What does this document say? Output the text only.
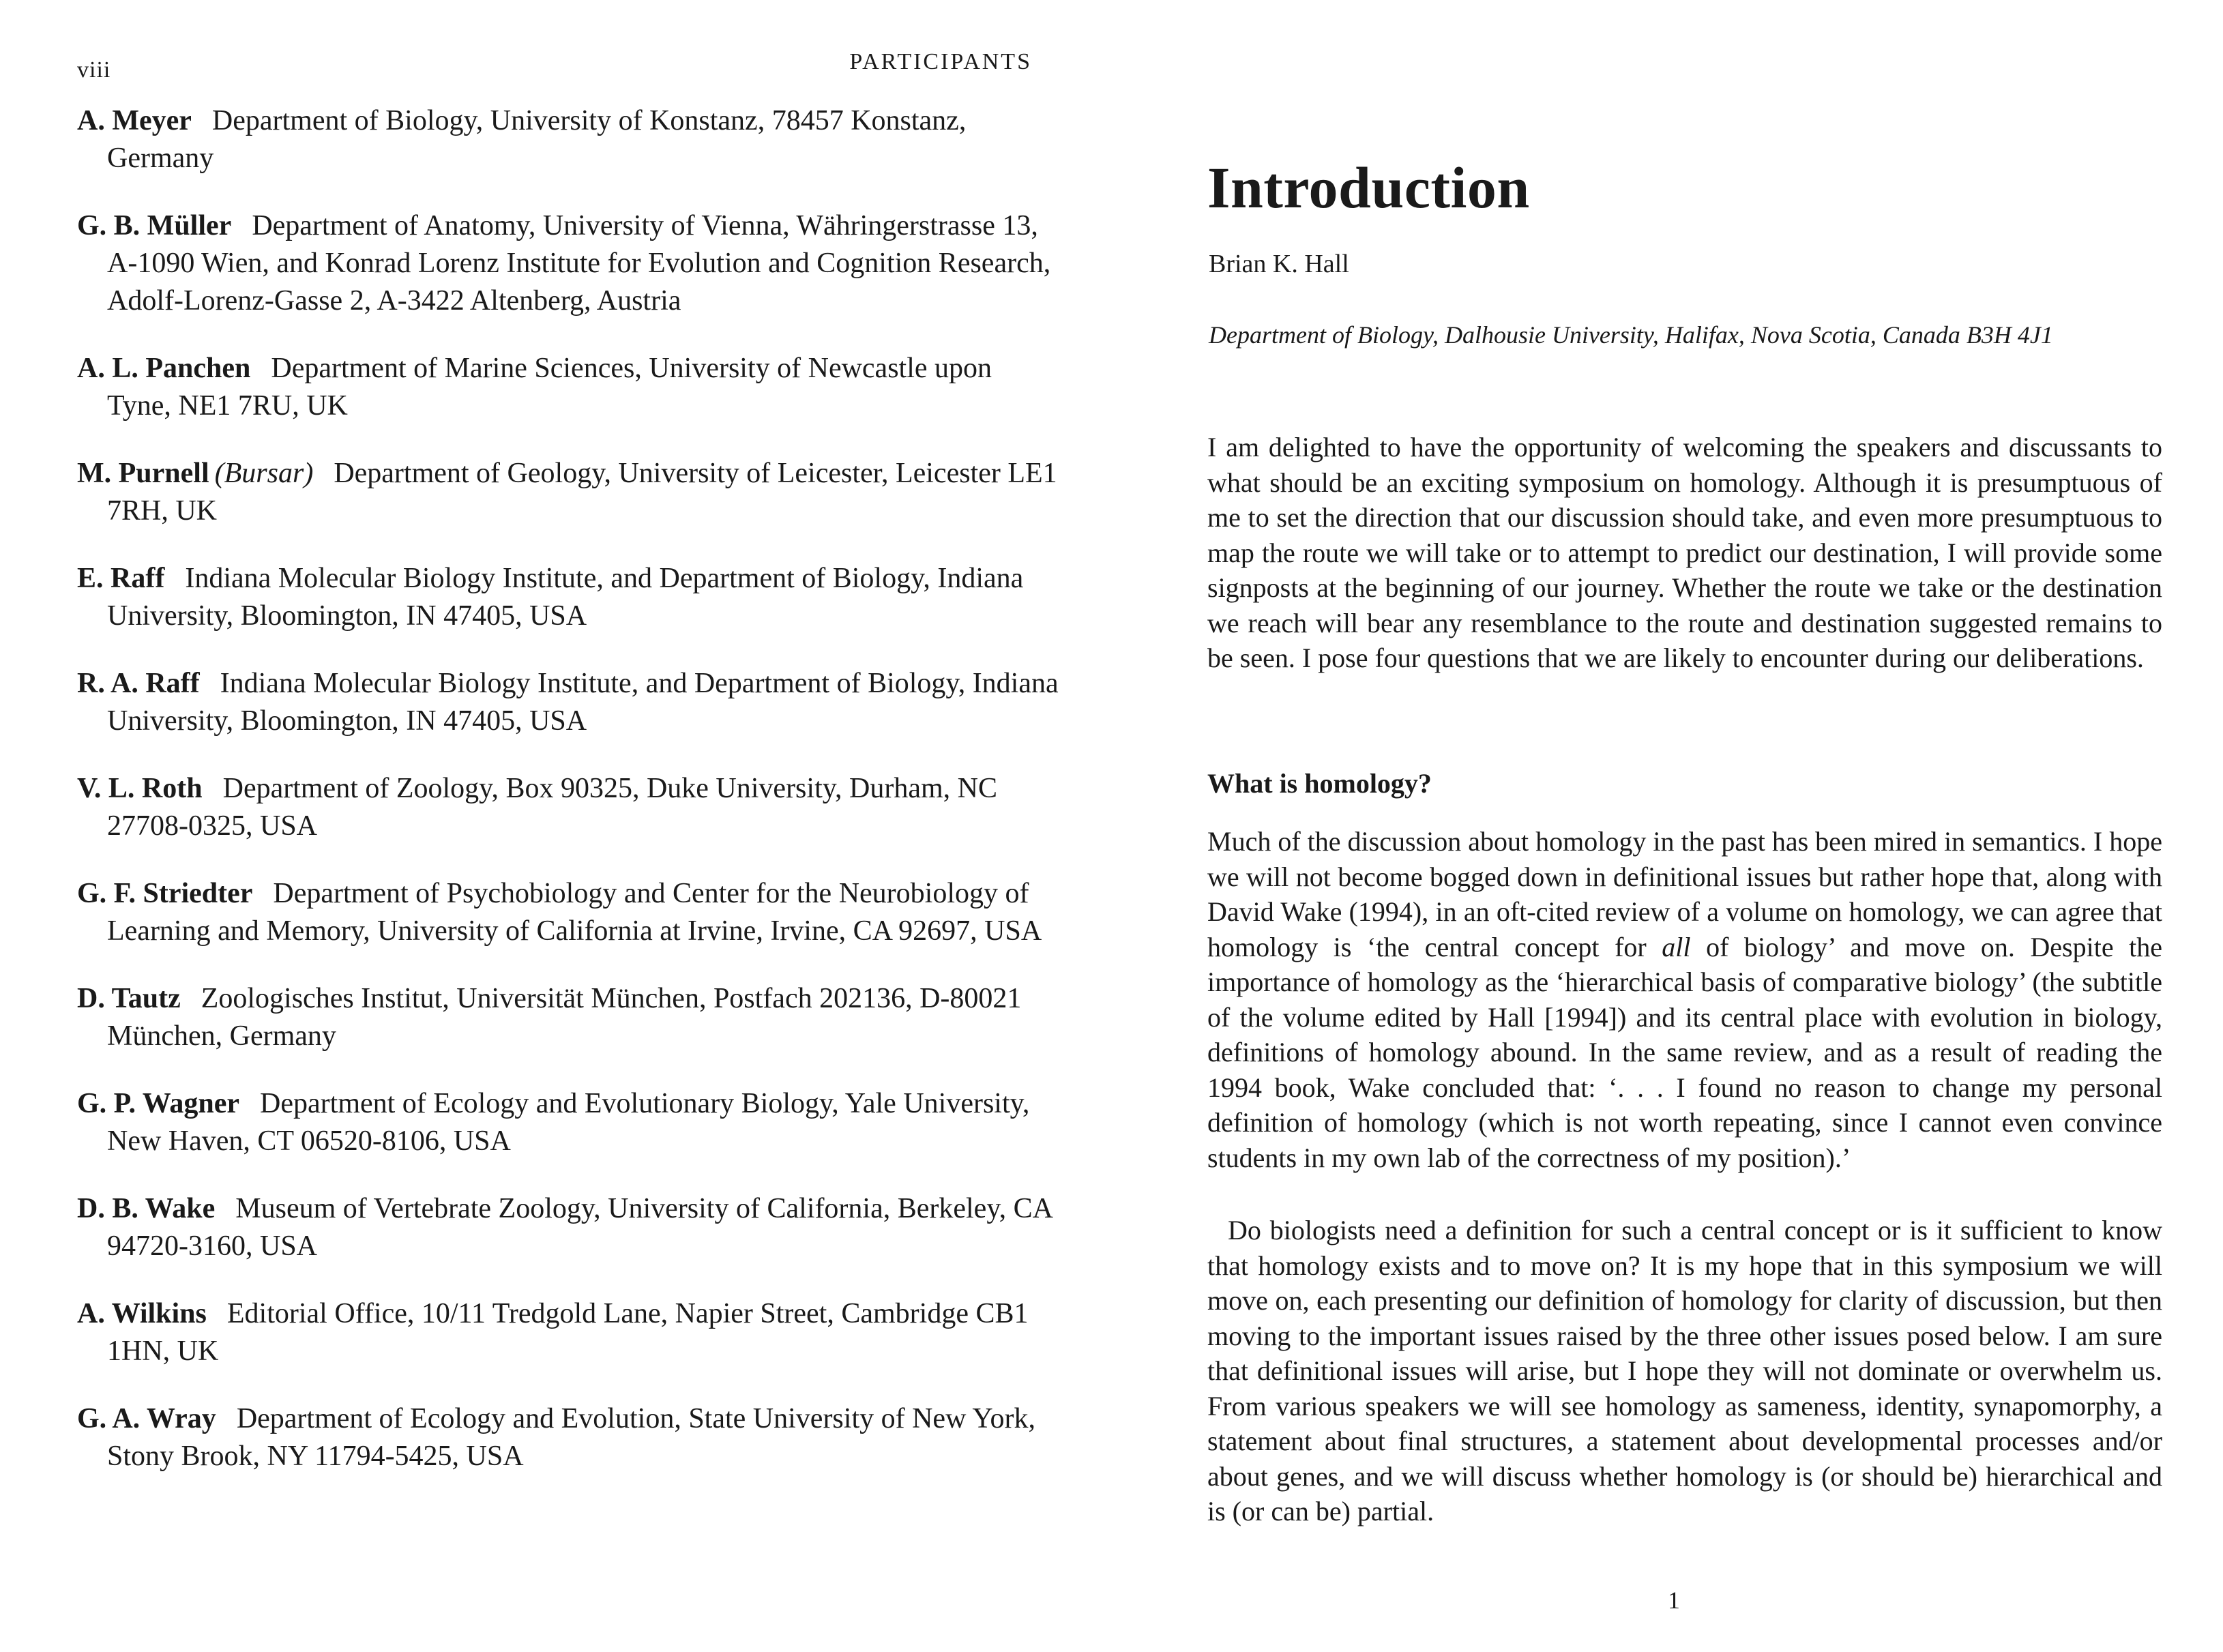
viii	PARTICIPANTS
A. Meyer Department of Biology, University of Konstanz, 78457 Konstanz, Germany
G. B. Müller Department of Anatomy, University of Vienna, Währingerstrasse 13, A-1090 Wien, and Konrad Lorenz Institute for Evolution and Cognition Research, Adolf-Lorenz-Gasse 2, A-3422 Altenberg, Austria
A. L. Panchen Department of Marine Sciences, University of Newcastle upon Tyne, NE1 7RU, UK
M. Purnell (Bursar) Department of Geology, University of Leicester, Leicester LE1 7RH, UK
E. Raff Indiana Molecular Biology Institute, and Department of Biology, Indiana University, Bloomington, IN 47405, USA
R. A. Raff Indiana Molecular Biology Institute, and Department of Biology, Indiana University, Bloomington, IN 47405, USA
V. L. Roth Department of Zoology, Box 90325, Duke University, Durham, NC 27708-0325, USA
G. F. Striedter Department of Psychobiology and Center for the Neurobiology of Learning and Memory, University of California at Irvine, Irvine, CA 92697, USA
D. Tautz Zoologisches Institut, Universität München, Postfach 202136, D-80021 München, Germany
G. P. Wagner Department of Ecology and Evolutionary Biology, Yale University, New Haven, CT 06520-8106, USA
D. B. Wake Museum of Vertebrate Zoology, University of California, Berkeley, CA 94720-3160, USA
A. Wilkins Editorial Office, 10/11 Tredgold Lane, Napier Street, Cambridge CB1 1HN, UK
G. A. Wray Department of Ecology and Evolution, State University of New York, Stony Brook, NY 11794-5425, USA
Introduction
Brian K. Hall
Department of Biology, Dalhousie University, Halifax, Nova Scotia, Canada B3H 4J1

I am delighted to have the opportunity of welcoming the speakers and discussants to what should be an exciting symposium on homology. Although it is presumptuous of me to set the direction that our discussion should take, and even more presumptuous to map the route we will take or to attempt to predict our destination, I will provide some signposts at the beginning of our journey. Whether the route we take or the destination we reach will bear any resemblance to the route and destination suggested remains to be seen. I pose four questions that we are likely to encounter during our deliberations.

What is homology?

Much of the discussion about homology in the past has been mired in semantics. I hope we will not become bogged down in definitional issues but rather hope that, along with David Wake (1994), in an oft-cited review of a volume on homology, we can agree that homology is ‘the central concept for all of biology’ and move on. Despite the importance of homology as the ‘hierarchical basis of comparative biology’ (the subtitle of the volume edited by Hall [1994]) and its central place with evolution in biology, definitions of homology abound. In the same review, and as a result of reading the 1994 book, Wake concluded that: ‘. . . I found no reason to change my personal definition of homology (which is not worth repeating, since I cannot even convince students in my own lab of the correctness of my position).’

Do biologists need a definition for such a central concept or is it sufficient to know that homology exists and to move on? It is my hope that in this symposium we will move on, each presenting our definition of homology for clarity of discussion, but then moving to the important issues raised by the three other issues posed below. I am sure that definitional issues will arise, but I hope they will not dominate or overwhelm us. From various speakers we will see homology as sameness, identity, synapomorphy, a statement about final structures, a statement about developmental processes and/or about genes, and we will discuss whether homology is (or should be) hierarchical and is (or can be) partial.

1
